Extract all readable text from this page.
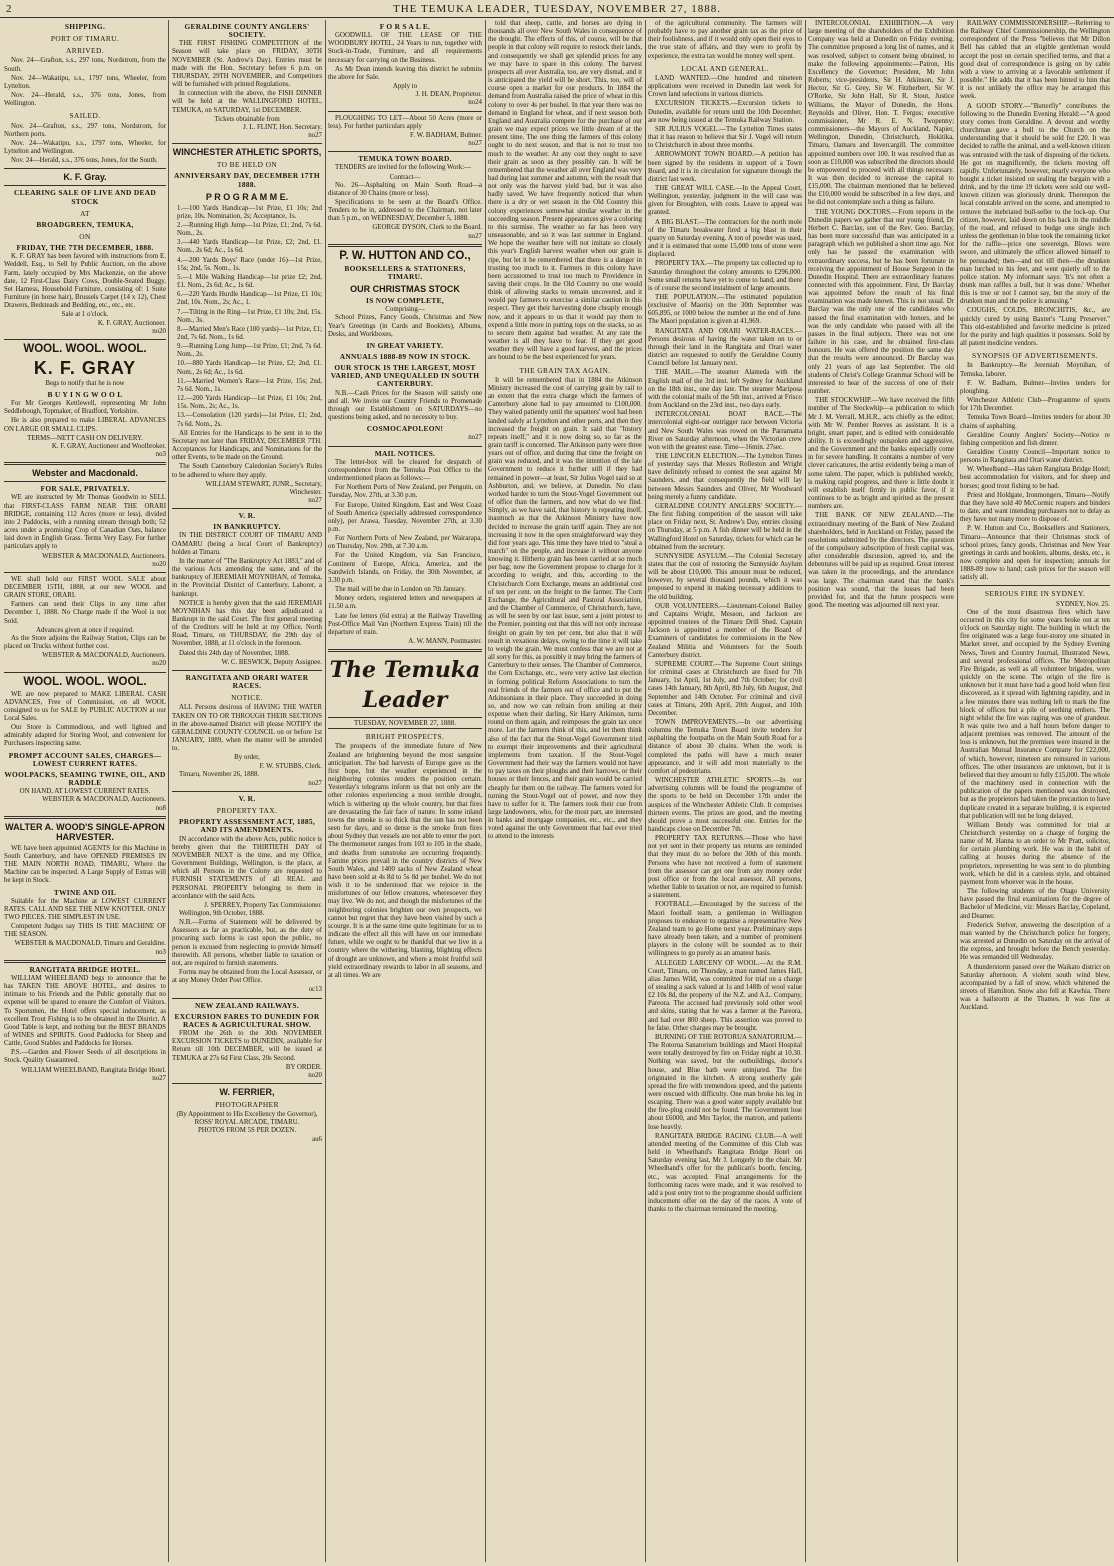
2	THE TEMUKA LEADER, TUESDAY, NOVEMBER 27, 1888.
SHIPPING.
PORT OF TIMARU.
ARRIVED.

Nov. 24—Grafton, s.s., 297 tons, Nordstrom, from the South.

Nov. 24—Wakatipu, s.s., 1797 tons, Wheeler, from Lyttelton.

Nov. 24—Herald, s.s., 376 tons, Jones, from Wellington.

SAILED.

Nov. 24—Grafton, s.s., 297 tons, Nordstrom, for Northern ports.

Nov. 24—Wakatipu, s.s., 1797 tons, Wheeler, for Lyttelton and Wellington.

Nov. 24—Herald, s.s., 376 tons, Jones, for the South.

K. F. Gray.
CLEARING SALE OF LIVE AND DEAD STOCK
AT
BROADGREEN, TEMUKA,
ON
FRIDAY, THE 7TH DECEMBER, 1888.

K. F. GRAY has been favored with instructions from E. Weddell, Esq., to Sell by Public Auction, on the above Farm, lately occupied by Mrs Mackenzie, on the above date, 12 First-Class Dairy Cows, Double-Seated Buggy, Set Harness, Household Furniture, consisting of: 1 Suite Furniture (in horse hair), Brussels Carpet (14 x 12), Chest Drawers, Bedsteads and Bedding, etc., etc., etc.

Sale at 1 o'clock.
K. F. GRAY, Auctioneer.
no20
WOOL. WOOL. WOOL.
K. F. GRAY
Begs to notify that he is now
B U Y I N G W O O L

For Mr Georges Kettlewell, representing Mr John Seddlebough, Topmaker, of Bradford, Yorkshire.

He is also prepared to make LIBERAL ADVANCES ON LARGE OR SMALL CLIPS.

TERMS—NETT CASH ON DELIVERY.
K. F. GRAY, Auctioneer and Woolbroker.
no3
Webster and Macdonald.
FOR SALE, PRIVATELY.

WE are instructed by Mr Thomas Goodwin to SELL that FIRST-CLASS FARM NEAR THE ORARI BRIDGE, containing 112 Acres (more or less), divided into 2 Paddocks, with a running stream through both; 52 acres under a promising Crop of Canadian Oats, balance laid down in English Grass. Terms Very Easy. For further particulars apply to

WEBSTER & MACDONALD, Auctioneers.
no20

WE shall hold our FIRST WOOL SALE about DECEMBER 15TH, 1888, at our new WOOL and GRAIN STORE, ORARI.

Farmers can send their Clips in any time after December 1, 1888. No Charge made if the Wool is not Sold.

Advances given at once if required.

As the Store adjoins the Railway Station, Clips can be placed on Trucks without further cost.

WEBSTER & MACDONALD, Auctioneers.
no20
WOOL. WOOL. WOOL.

WE are now prepared to MAKE LIBERAL CASH ADVANCES, Free of Commission, on all WOOL consigned to us for SALE by PUBLIC AUCTION at our Local Sales.

Our Store is Commodious, and well lighted and admirably adapted for Storing Wool, and convenient for Purchasers inspecting same.

PROMPT ACCOUNT SALES, CHARGES—LOWEST CURRENT RATES.
WOOLPACKS, SEAMING TWINE, OIL, AND RADDLE
ON HAND, AT LOWEST CURRENT RATES.
WEBSTER & MACDONALD, Auctioneers.
no8
WALTER A. WOOD'S SINGLE-APRON HARVESTER.

WE have been appointed AGENTS for this Machine in South Canterbury, and have OPENED PREMISES IN THE MAIN NORTH ROAD, TIMARU, Where the Machine can be inspected. A Large Supply of Extras will be kept in Stock.

TWINE AND OIL

Suitable for the Machine at LOWEST CURRENT RATES. CALL AND SEE THE NEW KNOTTER. ONLY TWO PIECES. THE SIMPLEST IN USE.

Competent Judges say THIS IS THE MACHINE OF THE SEASON.

WEBSTER & MACDONALD, Timaru and Geraldine.
no3
RANGITATA BRIDGE HOTEL.

WILLIAM WHEELBAND begs to announce that he has TAKEN THE ABOVE HOTEL, and desires to intimate to his Friends and the Public generally that no expense will be spared to ensure the Comfort of Visitors. To Sportsmen, the Hotel offers special inducement, as excellent Trout Fishing is to be obtained in the District. A Good Table is kept, and nothing but the BEST BRANDS of WINES and SPIRITS. Good Paddocks for Sheep and Cattle, Good Stables and Paddocks for Horses.

P.S.—Garden and Flower Seeds of all descriptions in Stock. Quality Guaranteed.

WILLIAM WHEELBAND, Rangitata Bridge Hotel.
no27
GERALDINE COUNTY ANGLERS' SOCIETY.

THE FIRST FISHING COMPETITION of the Season will take place on FRIDAY, 30TH NOVEMBER (St. Andrew's Day). Entries must be made with the Hon. Secretary before 6 p.m. on THURSDAY, 29TH NOVEMBER, and Competitors will be furnished with printed Regulations.

In connection with the above, the FISH DINNER will be held at the WALLINGFORD HOTEL, TEMUKA, on SATURDAY, 1st DECEMBER.

Tickets obtainable from
J. L. FLINT, Hon. Secretary.
no27
WINCHESTER ATHLETIC SPORTS,
TO BE HELD ON
ANNIVERSARY DAY, DECEMBER 17TH 1888.
P R O G R A M M E.

1.—100 Yards Handicap—1st Prize, £1 10s; 2nd prize, 10s. Nomination, 2s; Acceptance, 1s.

2.—Running High Jump—1st Prize, £1; 2nd, 7s 6d. Nom., 2s.

3.—440 Yards Handicap—1st Prize, £2; 2nd, £1. Nom., 2s 6d; Ac., 1s 6d.

4.—200 Yards Boys' Race (under 16)—1st Prize, 15s; 2nd, 5s. Nom., 1s.

5.—1 Mile Walking Handicap—1st prize £2; 2nd, £1. Nom., 2s 6d; Ac., 1s 6d.

6.—220 Yards Hurdle Handicap—1st Prize, £1 10s; 2nd, 10s. Nom., 2s; Ac., 1.

7.—Tilting in the Ring—1st Prize, £1 10s; 2nd, 15s. Nom., 3s.

8.—Married Men's Race (100 yards)—1st Prize, £1; 2nd, 7s 6d. Nom., 1s 6d.

9.—Running Long Jump—1st Prize, £1; 2nd, 7s 6d. Nom., 2s.

10.—880 Yards Handicap—1st Prize, £2; 2nd, £1. Nom., 2s 6d; Ac., 1s 6d.

11.—Married Women's Race—1st Prize, 15s; 2nd, 7s 6d. Nom., 1s.

12.—200 Yards Handicap—1st Prize, £1 10s; 2nd, 15s. Nom., 2s; Ac., 1s.

13.—Consolation (120 yards)—1st Prize, £1; 2nd, 7s 6d. Nom., 2s.

All Entries for the Handicaps to be sent in to the Secretary not later than FRIDAY, DECEMBER 7TH. Acceptances for Handicaps, and Nominations for the other Events, to be made on the Ground.

The South Canterbury Caledonian Society's Rules to be adhered to where they apply.

WILLIAM STEWART, JUNR., Secretary, Winchester.
no27
V. R.
IN BANKRUPTCY.

IN THE DISTRICT COURT OF TIMARU AND OAMARU (being a local Court of Bankruptcy) holden at Timaru.

In the matter of "The Bankruptcy Act 1883," and of the various Acts amending the same, and of the bankruptcy of JEREMIAH MOYNIHAN, of Temuka, in the Provincial District of Canterbury, Laborer, a bankrupt.

NOTICE is hereby given that the said JEREMIAH MOYNIHAN has this day been adjudicated a Bankrupt in the said Court. The first general meeting of the Creditors will be held at my Office, North Road, Timaru, on THURSDAY, the 29th day of November, 1888, at 11 o'clock in the forenoon.

Dated this 24th day of November, 1888.

W. C. BESWICK, Deputy Assignee.
RANGITATA AND ORARI WATER RACES.
NOTICE.

ALL Persons desirous of HAVING THE WATER TAKEN ON TO OR THROUGH THEIR SECTIONS in the above-named District will please NOTIFY the GERALDINE COUNTY COUNCIL on or before 1st JANUARY, 1889, when the matter will be attended to.

By order,
F. W. STUBBS, Clerk.

Timaru, November 26, 1888.

no27
V. R.
PROPERTY TAX.
PROPERTY ASSESSMENT ACT, 1885, AND ITS AMENDMENTS.

IN accordance with the above Acts, public notice is hereby given that the THIRTIETH DAY of NOVEMBER NEXT is the time, and my Office, Government Buildings, Wellington, is the place, at which all Persons in the Colony are requested to FURNISH STATEMENTS of all REAL and PERSONAL PROPERTY belonging to them in accordance with the said Acts.

J. SPERREY, Property Tax Commissioner.

Wellington, 9th October, 1888.

N.B.—Forms of Statement will be delivered by Assessors as far as practicable, but, as the duty of procuring such forms is cast upon the public, no person is excused from neglecting to provide himself therewith. All persons, whether liable to taxation or not, are required to furnish statements.

Forms may be obtained from the Local Assessor, or at any Money Order Post Office.

oc13
NEW ZEALAND RAILWAYS.
EXCURSION FARES TO DUNEDIN FOR RACES & AGRICULTURAL SHOW.

FROM the 26th to the 30th NOVEMBER EXCURSION TICKETS to DUNEDIN, available for Return till 10th DECEMBER, will be issued at TEMUKA at 27s 6d First Class, 20s Second.

BY ORDER.
no20
W. FERRIER,
PHOTOGRAPHER
(By Appointment to His Excellency the Governor),
ROSS' ROYAL ARCADE, TIMARU.
PHOTOS FROM 5S PER DOZEN.
au6
F O R S A L E.

GOODWILL OF THE LEASE OF THE WOODBURY HOTEL, 24 Years to run, together with Stock-in-Trade, Furniture, and all requirements necessary for carrying on the Business.

As Mr Dean intends leaving this district he submits the above for Sale.

Apply to
J. H. DEAN, Proprietor.
no24

PLOUGHING TO LET—About 50 Acres (more or less). For further particulars apply

F. W. BADHAM, Bulmer.
no27
TEMUKA TOWN BOARD.

TENDERS are invited for the following Work:—

Contract—

No. 26—Asphalting on Main South Road—a distance of 30 Chains (more or less).

Specifications to be seen at the Board's Office. Tenders to be in, addressed to the Chairman, not later than 5 p.m., on WEDNESDAY, December 5, 1888.

GEORGE DYSON, Clerk to the Board.
no27
P. W. HUTTON AND CO.,
BOOKSELLERS & STATIONERS, TIMARU.
OUR CHRISTMAS STOCK
IS NOW COMPLETE,
Comprising—

School Prizes, Fancy Goods, Christmas and New Year's Greetings (in Cards and Booklets), Albums, Desks, and Workboxes,

IN GREAT VARIETY.
ANNUALS 1888-89 NOW IN STOCK.
OUR STOCK IS THE LARGEST, MOST VARIED, AND UNEQUALLED IN SOUTH CANTERBURY.

N.B.—Cash Prices for the Season will satisfy one and all. We invite our Country Friends to Promenade through our Establishment on SATURDAYS—no questions being asked, and no necessity to buy.

COSMOCAPOLEON!
no27
MAIL NOTICES.

The letter-box will be cleared for despatch of correspondence from the Temuka Post Office to the undermentioned places as follows:—

For Northern Ports of New Zealand, per Penguin, on Tuesday, Nov. 27th, at 3.30 p.m.

For Europe, United Kingdom, East and West Coast of South America (specially addressed correspondence only), per Arawa, Tuesday, November 27th, at 3.30 p.m.

For Northern Ports of New Zealand, per Wairarapa, on Thursday, Nov. 29th, at 7.30 a.m.

For the United Kingdom, via San Francisco, Continent of Europe, Africa, America, and the Sandwich Islands, on Friday, the 30th November, at 3.30 p.m.

The mail will be due in London on 7th January.

Money orders, registered letters and newspapers at 11.50 a.m.

Late fee letters (6d extra) at the Railway Travelling Post-Office Mail Van (Northern Express Train) till the departure of train.

A. W. MANN, Postmaster.
The Temuka Leader
TUESDAY, NOVEMBER 27, 1888.
BRIGHT PROSPECTS.

The prospects of the immediate future of New Zealand are brightening beyond the most sanguine anticipation. The bad harvests of Europe gave us the first hope, but the weather experienced in the neighboring colonies renders the position certain. Yesterday's telegrams inform us that not only are the other colonies experiencing a most terrible drought, which is withering up the whole country, but that fires are devastating the fair face of nature. In some inland towns the smoke is so thick that the sun has not been seen for days, and so dense is the smoke from fires about Sydney that vessels are not able to enter the port. The thermometer ranges from 103 to 105 in the shade, and deaths from sunstroke are occurring frequently. Famine prices prevail in the country districts of New South Wales, and 1400 sacks of New Zealand wheat have been sold at 4s 8d to 5s 8d per bushel. We do not wish it to be understood that we rejoice in the misfortunes of our fellow creatures, wheresoever they may live. We do not, and though the misfortunes of the neighboring colonies brighten our own prospects, we cannot but regret that they have been visited by such a scourge. It is at the same time quite legitimate for us to indicate the effect all this will have on our immediate future, while we ought to be thankful that we live in a country where the withering, blasting, blighting effects of drought are unknown, and where a moist fruitful soil yield extraordinary rewards to labor in all seasons, and at all times. We are

told that sheep, cattle, and horses are dying in thousands all over New South Wales in consequence of the drought. The effects of this, of course, will be that people in that colony will require to restock their lands, and consequently we shall get splendid prices for any we may have to spare in this colony. The harvest prospects all over Australia, too, are very dismal, and it is anticipated the yield will be short. This, too, will of course open a market for our products. In 1884 the demand from Australia raised the price of wheat in this colony to over 4s per bushel. In that year there was no demand in England for wheat, and if next season both England and Australia compete for the purchase of our grain we may expect prices we little dream of at the present time. The one thing the farmers of this colony ought to do next season, and that is not to trust too much to the weather. At any cost they ought to save their grain as soon as they possibly can. It will be remembered that the weather all over England was very bad during last summer and autumn, with the result that not only was the harvest yield bad, but it was also badly saved. We have frequently noticed that when there is a dry or wet season in the Old Country this colony experiences somewhat similar weather in the succeeding season. Present appearances give a coloring to this surmise. The weather so far has been very unseasonable, and so it was last summer in England. We hope the weather here will not imitate so closely this year's English harvest weather when our grain is ripe, but let it be remembered that there is a danger in trusting too much to it. Farmers in this colony have been accustomed to trust too much to Providence in saving their crops. In the Old Country no one would think of allowing stacks to remain uncovered, and it would pay farmers to exercise a similar caution in this respect. They get their harvesting done cheaply enough now, and it appears to us that it would pay them to expend a little more in putting tops on the stacks, so as to secure them against bad weather. At any rate the weather is all they have to fear. If they get good weather they will have a good harvest, and the prices are bound to be the best experienced for years.

THE GRAIN TAX AGAIN.

It will be remembered that in 1884 the Atkinson Ministry increased the cost of carrying grain by rail to an extent that the extra charge which the farmers of Canterbury alone had to pay amounted to £100,000. They waited patiently until the squatters' wool had been landed safely at Lyttelton and other ports, and then they increased the freight on grain. It said that "history repeats itself," and it is now doing so, so far as the grain tariff is concerned. The Atkinson party were three years out of office, and during that time the freight on grain was reduced, and it was the intention of the late Government to reduce it further still if they had remained in power—at least, Sir Julius Vogel said so at Ashburton, and, we believe, at Dunedin. No class worked harder to turn the Stout-Vogel Government out of office than the farmers, and now what do we find. Simply, as we have said, that history is repeating itself, inasmuch as that the Atkinson Ministry have now decided to increase the grain tariff again. They are not increasing it now in the open straightforward way they did four years ago. This time they have tried to "steal a march" on the people, and increase it without anyone knowing it. Hitherto grain has been carried at so much per bag; now the Government propose to charge for it according to weight, and this, according to the Christchurch Corn Exchange, means an additional cost of ten per cent. on the freight to the farmer. The Corn Exchange, the Agricultural and Pastoral Association, and the Chamber of Commerce, of Christchurch, have, as will be seen by our last issue, sent a joint protest to the Premier, pointing out that this will not only increase freight on grain by ten per cent, but also that it will result in vexatious delays, owing to the time it will take to weigh the grain. We must confess that we are not at all sorry for this, as possibly it may bring the farmers of Canterbury to their senses. The Chamber of Commerce, the Corn Exchange, etc., were very active last election in forming political Reform Associations to turn the real friends of the farmers out of office and to put the Atkinsonians in their place. They succeeded in doing so, and now we can refrain from smiling at their expense when their darling, Sir Harry Atkinson, turns round on them again, and reimposes the grain tax once more. Let the farmers think of this, and let them think also of the fact that the Stout-Vogel Government tried to exempt their improvements and their agricultural implements from taxation. If the Stout-Vogel Government had their way the farmers would not have to pay taxes on their ploughs and their harrows, or their houses or their fences, and their grain would be carried cheaply for them on the railway. The farmers voted for turning the Stout-Vogel out of power, and now they have to suffer for it. The farmers took their cue from large landowners, who, for the most part, are interested in banks and mortgage companies, etc., etc., and they voted against the only Government that had ever tried to attend to the interests

of the agricultural community. The farmers will probably have to pay another grain tax as the price of their foolishness, and if it would only open their eyes to the true state of affairs, and they were to profit by experience, the extra tax would be money well spent.

LOCAL AND GENERAL.

LAND WANTED.—One hundred and nineteen applications were received in Dunedin last week for Crown land selections in various districts.

EXCURSION TICKETS.—Excursion tickets to Dunedin, available for return until the 10th December, are now being issued at the Temuka Railway Station.

SIR JULIUS VOGEL.—The Lyttelton Times states that it has reason to believe that Sir J. Vogel will return to Christchurch in about three months.

ARROWMONT TOWN BOARD.—A petition has been signed by the residents in support of a Town Board, and it is in circulation for signature through the district last week.

THE GREAT WILL CASE.—In the Appeal Court, Wellington, yesterday, judgment in the will case was given for Broughton, with costs. Leave to appeal was granted.

A BIG BLAST.—The contractors for the north mole of the Timaru breakwater fired a big blast in their quarry on Saturday evening. A ton of powder was used, and it is estimated that some 15,000 tons of stone were displaced.

PROPERTY TAX.—The property tax collected up to Saturday throughout the colony amounts to £296,000. Some small returns have yet to come to hand, and there is of course the second instalment of large amounts.

THE POPULATION.—The estimated population (exclusive of Maoris) on the 30th September was 605,895, or 1000 below the number at the end of June. The Maori population is given at 41,969.

RANGITATA AND ORARI WATER-RACES.—Persons desirous of having the water taken on to or through their land in the Rangitata and Orari water district are requested to notify the Geraldine County Council before 1st January next.

THE MAIL.—The steamer Alameda with the English mail of the 3rd inst. left Sydney for Auckland on the 18th inst., one day late. The steamer Mariposa with the colonial mails of the 5th inst., arrived at Frisco from Auckland on the 23rd inst., two days early.

INTERCOLONIAL BOAT RACE.—The intercolonial eight-oar outrigger race between Victoria and New South Wales was rowed on the Parramatta River on Saturday afternoon, when the Victorian crew won with the greatest ease. Time—16min. 27sec.

THE LINCOLN ELECTION.—The Lyttelton Times of yesterday says that Messrs Rolleston and Wright have definitely refused to contest the seat against Mr Saunders, and that consequently the field will lay between Messrs Saunders and Oliver, Mr Woodward being merely a funny candidate.

GERALDINE COUNTY ANGLERS' SOCIETY.—The first fishing competition of the season will take place on Friday next, St. Andrew's Day, entries closing on Thursday, at 5 p.m. A fish dinner will be held in the Wallingford Hotel on Saturday, tickets for which can be obtained from the secretary.

SUNNYSIDE ASYLUM.—The Colonial Secretary states that the cost of restoring the Sunnyside Asylum will be about £10,000. This amount must be reduced, however, by several thousand pounds, which it was proposed to expend in making necessary additions to the old building.

OUR VOLUNTEERS.—Lieutenant-Colonel Bailey and Captains Wright, Messon, and Jackson are appointed trustees of the Timaru Drill Shed. Captain Jackson is appointed a member of the Board of Examiners of candidates for commissions in the New Zealand Militia and Volunteers for the South Canterbury district.

SUPREME COURT.—The Supreme Court sittings for criminal cases at Christchurch are fixed for 7th January, 1st April, 1st July, and 7th October; for civil cases 14th January, 8th April, 8th July, 6th August, 2nd September and 14th October. For criminal and civil cases at Timaru, 20th April, 20th August, and 10th December.

TOWN IMPROVEMENTS.—In our advertising columns the Temuka Town Board invite tenders for asphalting the footpaths on the Main South Road for a distance of about 30 chains. When the work is completed the paths will have a much neater appearance, and it will add most materially to the comfort of pedestrians.

WINCHESTER ATHLETIC SPORTS.—In our advertising columns will be found the programme of the sports to be held on December 17th under the auspices of the Winchester Athletic Club. It comprises thirteen events. The prizes are good, and the meeting should prove a most successful one. Entries for the handicaps close on December 7th.

PROPERTY TAX RETURNS.—Those who have not yet sent in their property tax returns are reminded that they must do so before the 30th of this month. Persons who have not received a form of statement from the assessor can get one from any money order post office or from the local assessor. All persons, whether liable to taxation or not, are required to furnish a statement.

FOOTBALL.—Encouraged by the success of the Maori football team, a gentleman in Wellington proposes to endeavor to organise a representative New Zealand team to go Home next year. Preliminary steps have already been taken, and a number of prominent players in the colony will be sounded as to their willingness to go purely as an amateur basis.

ALLEGED LARCENY OF WOOL.—At the R.M. Court, Timaru, on Thursday, a man named James Hall, alias James Wild, was committed for trial on a charge of stealing a sack valued at 1s and 148lb of wool value £2 10s 8d, the property of the N.Z. and A.L. Company, Pareora. The accused had previously sold other wool and skins, stating that he was a farmer at the Pareora, and had over 800 sheep. This assertion was proved to be false. Other charges may be brought.

BURNING OF THE ROTORUA SANATORIUM.—The Rotorua Sanatorium buildings and Maori Hospital were totally destroyed by fire on Friday night at 10.30. Nothing was saved, but the outbuildings, doctor's house, and Blue bath were uninjured. The fire originated in the kitchen. A strong southerly gale spread the fire with tremendous speed, and the patients were rescued with difficulty. One man broke his leg in escaping. There was a good water supply available but the fire-plug could not be found. The Government lose about £6000, and Mrs Taylor, the matron, and patients lose heavily.

RANGITATA BRIDGE RACING CLUB.—A well attended meeting of the Committee of this Club was held in Wheelband's Rangitata Bridge Hotel on Saturday evening last, Mr J. Longerly in the chair. Mr Wheelband's offer for the publican's booth, fencing, etc., was accepted. Final arrangements for the forthcoming races were made, and it was resolved to add a post entry trot to the programme should sufficient inducement offer on the day of the races. A vote of thanks to the chairman terminated the meeting.

INTERCOLONIAL EXHIBITION.—A very large meeting of the shareholders of the Exhibition Company was held at Dunedin on Friday evening. The committee proposed a long list of names, and it was resolved, subject to consent being obtained, to make the following appointments:—Patron, His Excellency the Governor; President, Mr John Roberts; vice-presidents, Sir H. Atkinson, Sir J. Hector, Sir G. Grey, Sir W. Fitzherbert, Sir W. O'Rorke, Sir John Hall, Sir R. Stout, Justice Williams, the Mayor of Dunedin, the Hons. Reynolds and Oliver, Hon. T. Fergus; executive commissioner, Mr R. E. N. Twopenny; commissioners—the Mayors of Auckland, Napier, Wellington, Dunedin, Christchurch, Hokitika, Timaru, Oamaru and Invercargill. The committee appointed numbers over 100. It was resolved that as soon as £10,000 was subscribed the directors should be empowered to proceed with all things necessary. It was then decided to increase the capital to £15,000. The chairman mentioned that he believed the £10,000 would be subscribed in a few days, and he did not contemplate such a thing as failure.

THE YOUNG DOCTORS.—From reports in the Dunedin papers we gather that our young friend, Dr Herbert C. Barclay, son of the Rev. Geo. Barclay, has been more successful than was anticipated in a paragraph which we published a short time ago. Not only has he passed the examination with extraordinary success, but he has been fortunate in receiving the appointment of House Surgeon in the Dunedin Hospital. There are extraordinary features connected with this appointment. First, Dr Barclay was appointed before the result of his final examination was made known. This is not usual. Dr Barclay was the only one of the candidates who passed the final examination with honors, and he was the only candidate who passed with all the passes in the final subjects. There was not one failure in his case, and he obtained first-class honours. He was offered the position the same day that the results were announced. Dr Barclay was only 21 years of age last September. The old students of Christ's College Grammar School will be interested to hear of the success of one of their number.

THE STOCKWHIP.—We have received the fifth number of The Stockwhip—a publication to which Mr J. M. Verrall, M.H.R., acts chiefly as the editor, with Mr W. Pember Reeves as assistant. It is a bright, smart paper, and is edited with considerable ability. It is exceedingly outspoken and aggressive, and the Government and the banks especially come in for severe handling. It contains a number of very clever caricatures, the artist evidently being a man of some talent. The paper, which is published weekly, is making rapid progress, and there is little doubt it will establish itself firmly in public favor, if it continues to be as bright and spirited as the present numbers are.

THE BANK OF NEW ZEALAND.—The extraordinary meeting of the Bank of New Zealand shareholders, held in Auckland on Friday, passed the resolutions submitted by the directors. The question of the compulsory subscription of fresh capital was, after considerable discussion, agreed to, and the debentures will be paid up as required. Great interest was taken in the proceedings, and the attendance was large. The chairman stated that the bank's position was sound, that the losses had been provided for, and that the future prospects were good. The meeting was adjourned till next year.

RAILWAY COMMISSIONERSHIP.—Referring to the Railway Chief Commissionership, the Wellington correspondent of the Press "believes that Mr Dillon Bell has cabled that an eligible gentleman would accept the post on certain specified terms, and that a good deal of correspondence is going on by cable with a view to arriving at a favorable settlement if possible." He adds that it has been hinted to him that it is not unlikely the office may be arranged this week.

A GOOD STORY.—"Butterfly" contributes the following to the Dunedin Evening Herald:—"A good story comes from Geraldine. A devout and worthy churchman gave a bull to the Church on the understanding that it should be sold for £20. It was decided to raffle the animal, and a well-known citizen was entrusted with the task of disposing of the tickets. He got on magnificently, the tickets moving off rapidly. Unfortunately, however, nearly everyone who bought a ticket insisted on sealing the bargain with a drink, and by the time 19 tickets were sold our well-known citizen was gloriously drunk. Thereupon the local constable arrived on the scene, and attempted to remove the inebriated bull-seller to the lock-up. Our citizen, however, laid down on his back in the middle of the road, and refused to budge one single inch unless the gentleman in blue took the remaining ticket for the raffle—price one sovereign. Blows were swore, and ultimately the officer allowed himself to be persuaded; then—and not till then—the drunken man lurched to his feet, and went quietly off to the police station. My informant says: 'It's not often a drunk man raffles a bull, but it was done.' Whether this is true or not I cannot say, but the story of the drunken man and the police is amusing."

COUGHS, COLDS, BRONCHITIS, &c., are quickly cured by using Baxter's "Lung Preserver." This old-established and favorite medicine is prized for the purity and high qualities it possesses. Sold by all patent medicine vendors.

SYNOPSIS OF ADVERTISEMENTS.

In Bankruptcy—Re Jeremiah Moynihan, of Temuka, laborer.

F. W. Badham, Bulmer—Invites tenders for ploughing.

Winchester Athletic Club—Programme of sports for 17th December.

Temuka Town Board—Invites tenders for about 30 chains of asphalting.

Geraldine County Anglers' Society—Notice re fishing competition and fish dinner.

Geraldine County Council—Important notice to persons in Rangitata and Orari water district.

W. Wheelband—Has taken Rangitata Bridge Hotel; best accommodation for visitors, and for sheep and horses; good trout fishing to be had.

Priest and Holdgate, Ironmongers, Timaru—Notify that they have sold 40 McCormic reapers and binders to date, and want intending purchasers not to delay as they have not many more to dispose of.

P. W. Hutton and Co., Booksellers and Stationers, Timaru—Announce that their Christmas stock of school prizes, fancy goods, Christmas and New Year greetings in cards and booklets, albums, desks, etc., is now complete and open for inspection; annuals for 1888-89 now to hand; cash prices for the season will satisfy all.

SERIOUS FIRE IN SYDNEY.
SYDNEY, Nov. 25.

One of the most disastrous fires which have occurred in this city for some years broke out at ten o'clock on Saturday night. The building in which the fire originated was a large four-storey one situated in Market street, and occupied by the Sydney Evening News, Town and Country Journal, Illustrated News, and several professional offices. The Metropolitan Fire Brigade, as well as all volunteer brigades, were quickly on the scene. The origin of the fire is unknown but it must have had a good hold when first discovered, as it spread with lightning rapidity, and in a few minutes there was nothing left to mark the fine block of offices but a pile of seething embers. The night whilst the fire was raging was one of grandeur. It was quite two and a half hours before danger to adjacent premises was removed. The amount of the loss is unknown, but the premises were insured in the Australian Mutual Insurance Company for £22,000, of which, however, nineteen are reinsured in various offices. The other insurances are unknown, but it is believed that they amount to fully £15,000. The whole of the machinery used in connection with the publication of the papers mentioned was destroyed, but as the proprietors had taken the precaution to have duplicate created in a separate building, it is expected that publication will not be long delayed.

William Bendy was committed for trial at Christchurch yesterday on a charge of forging the name of M. Hanna to an order to Mr Pratt, solicitor, for certain plumbing work. He was in the habit of calling at houses during the absence of the proprietors, representing he was sent to do plumbing work, which he did in a careless style, and obtained payment from whoever was in the house.

The following students of the Otago University have passed the final examinations for the degree of Bachelor of Medicine, viz: Messrs Barclay, Copeland, and Deamer.

Frederick Stelver, answering the description of a man wanted by the Christchurch police for forgery, was arrested at Dunedin on Saturday on the arrival of the express, and brought before the Bench yesterday. He was remanded till Wednesday.

A thunderstorm passed over the Waikato district on Saturday afternoon. A violent south wind blew, accompanied by a fall of snow, which whitened the streets of Hamilton. Snow also fell at Kawhia. There was a hailstorm at the Thames. It was fine at Auckland.
